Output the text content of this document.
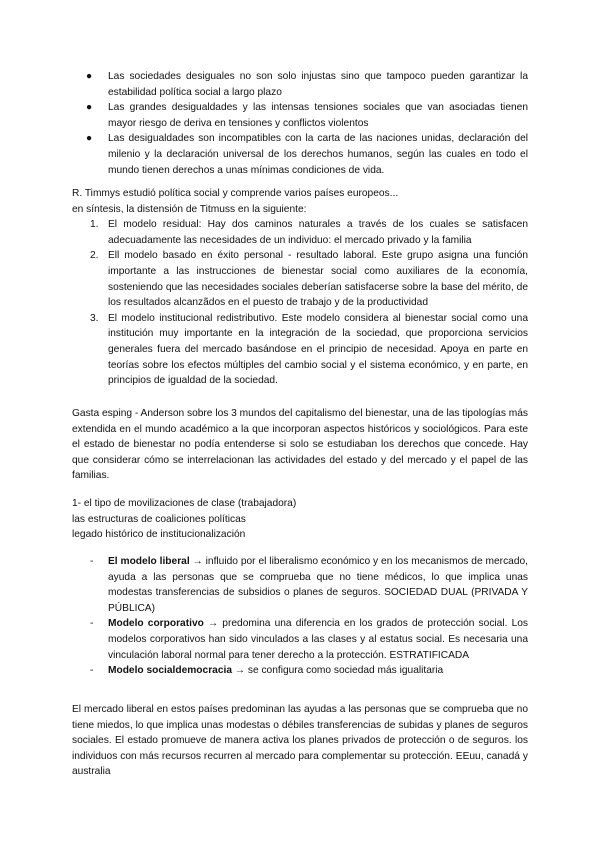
● Las sociedades desiguales no son solo injustas sino que tampoco pueden garantizar la estabilidad política social a largo plazo
● Las grandes desigualdades y las intensas tensiones sociales que van asociadas tienen mayor riesgo de deriva en tensiones y conflictos violentos
● Las desigualdades son incompatibles con la carta de las naciones unidas, declaración del milenio y la declaración universal de los derechos humanos, según las cuales en todo el mundo tienen derechos a unas mínimas condiciones de vida.

R. Timmys estudió política social y comprende varios países europeos...

en síntesis, la distensión de Titmuss en la siguiente:

1. El modelo residual: Hay dos caminos naturales a través de los cuales se satisfacen adecuadamente las necesidades de un individuo: el mercado privado y la familia
2. Ell modelo basado en éxito personal - resultado laboral. Este grupo asigna una función importante a las instrucciones de bienestar social como auxiliares de la economía, sosteniendo que las necesidades sociales deberían satisfacerse sobre la base del mérito, de los resultados alcanzãdos en el puesto de trabajo y de la productividad
3. El modelo institucional redistributivo. Este modelo considera al bienestar social como una institución muy importante en la integración de la sociedad, que proporciona servicios generales fuera del mercado basándose en el principio de necesidad. Apoya en parte en teorías sobre los efectos múltiples del cambio social y el sistema económico, y en parte, en principios de igualdad de la sociedad.
Gasta esping - Anderson sobre los 3 mundos del capitalismo del bienestar, una de las tipologías más extendida en el mundo académico a la que incorporan aspectos históricos y sociológicos. Para este el estado de bienestar no podía entenderse si solo se estudiaban los derechos que concede. Hay que considerar cómo se interrelacionan las actividades del estado y del mercado y el papel de las familias.

1- el tipo de movilizaciones de clase (trabajadora)

las estructuras de coaliciones políticas

legado histórico de institucionalización

- El modelo liberal → influido por el liberalismo económico y en los mecanismos de mercado, ayuda a las personas que se comprueba que no tiene médicos, lo que implica unas modestas transferencias de subsidios o planes de seguros. SOCIEDAD DUAL (PRIVADA Y PÚBLICA)
- Modelo corporativo → predomina una diferencia en los grados de protección social. Los modelos corporativos han sido vinculados a las clases y al estatus social. Es necesaria una vinculación laboral normal para tener derecho a la protección. ESTRATIFICADA
- Modelo socialdemocracia → se configura como sociedad más igualitaria
El mercado liberal en estos países predominan las ayudas a las personas que se comprueba que no tiene miedos, lo que implica unas modestas o débiles transferencias de subidas y planes de seguros sociales. El estado promueve de manera activa los planes privados de protección o de seguros. los individuos con más recursos recurren al mercado para complementar su protección. EEuu, canadá y australia
